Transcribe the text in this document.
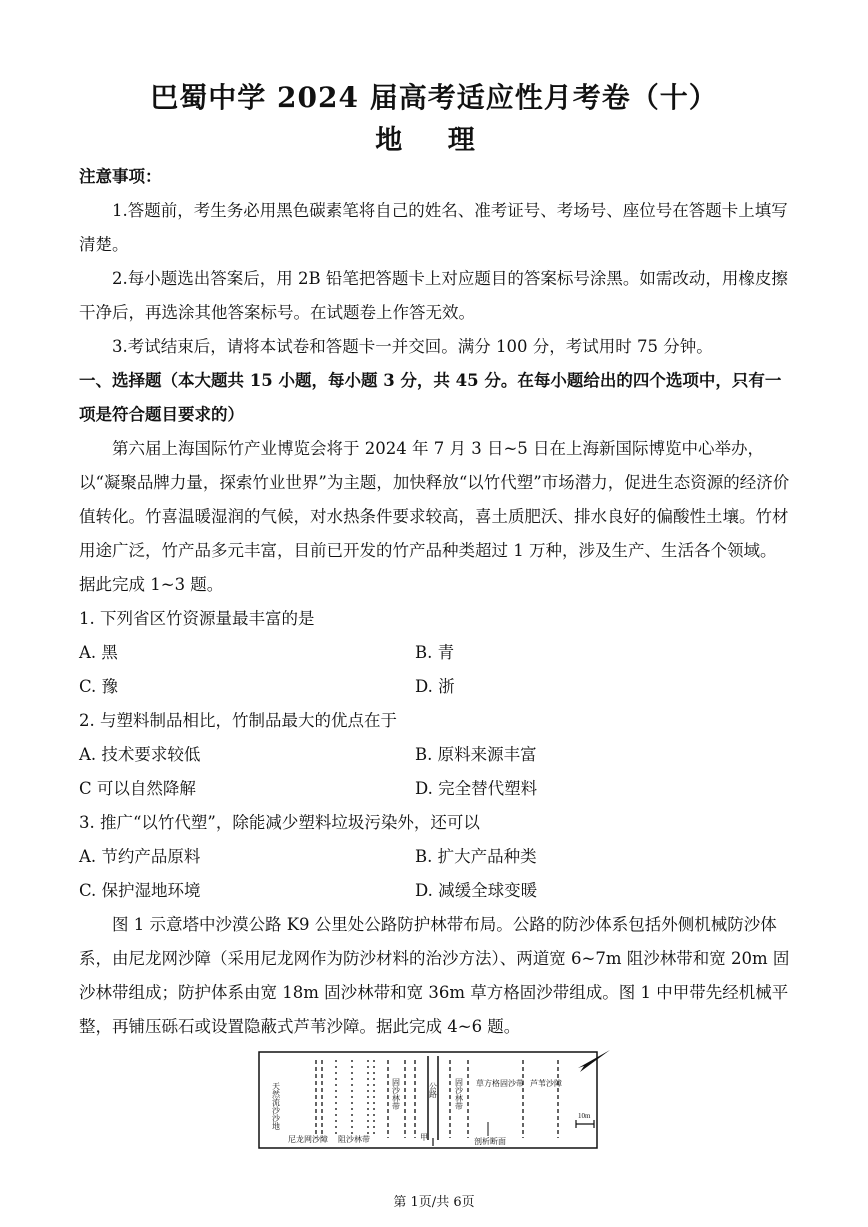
巴蜀中学 2024 届高考适应性月考卷（十）
地 理

注意事项：

1.答题前，考生务必用黑色碳素笔将自己的姓名、准考证号、考场号、座位号在答题卡上填写清楚。

2.每小题选出答案后，用 2B 铅笔把答题卡上对应题目的答案标号涂黑。如需改动，用橡皮擦干净后，再选涂其他答案标号。在试题卷上作答无效。

3.考试结束后，请将本试卷和答题卡一并交回。满分 100 分，考试用时 75 分钟。

一、选择题（本大题共 15 小题，每小题 3 分，共 45 分。在每小题给出的四个选项中，只有一项是符合题目要求的）

第六届上海国际竹产业博览会将于 2024 年 7 月 3 日~5 日在上海新国际博览中心举办，以“凝聚品牌力量，探索竹业世界”为主题，加快释放“以竹代塑”市场潜力，促进生态资源的经济价值转化。竹喜温暖湿润的气候，对水热条件要求较高，喜土质肥沃、排水良好的偏酸性土壤。竹材用途广泛，竹产品多元丰富，目前已开发的竹产品种类超过 1 万种，涉及生产、生活各个领域。据此完成 1~3 题。

1. 下列省区竹资源量最丰富的是

A. 黑	B. 青
C. 豫	D. 浙

2. 与塑料制品相比，竹制品最大的优点在于

A. 技术要求较低	B. 原料来源丰富
C 可以自然降解	D. 完全替代塑料

3. 推广“以竹代塑”，除能减少塑料垃圾污染外，还可以

A. 节约产品原料	B. 扩大产品种类
C. 保护湿地环境	D. 减缓全球变暖

图 1 示意塔中沙漠公路 K9 公里处公路防护林带布局。公路的防沙体系包括外侧机械防沙体系，由尼龙网沙障（采用尼龙网作为防沙材料的治沙方法）、两道宽 6~7m 阻沙林带和宽 20m 固沙林带组成；防护体系由宽 18m 固沙林带和宽 36m 草方格固沙带组成。图 1 中甲带先经机械平整，再铺压砾石或设置隐蔽式芦苇沙障。据此完成 4~6 题。

天然流沙沙地
尼龙网沙障 阻沙林带
固沙林带	公路 固沙林带 草方格固沙带 芦苇沙障
10m
甲	剖析断面
第 1页/共 6页
